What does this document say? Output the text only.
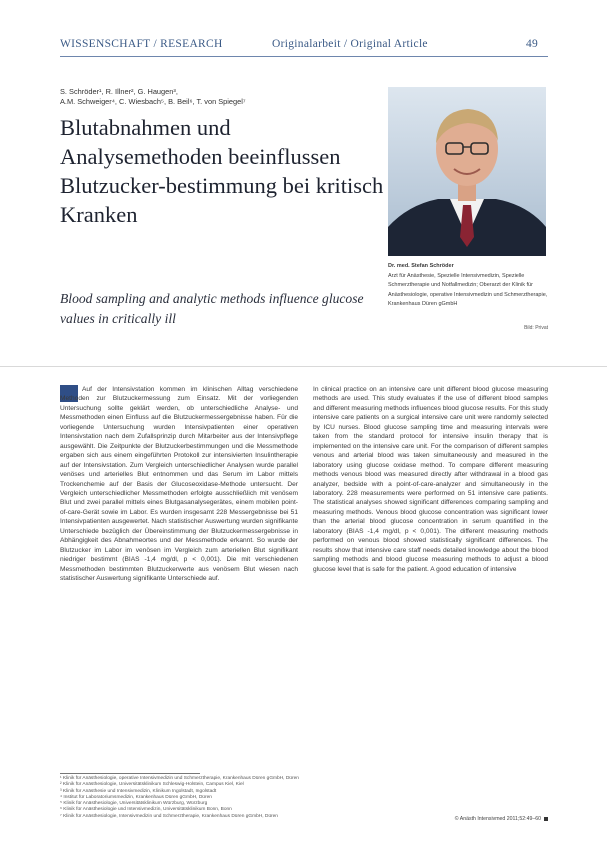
WISSENSCHAFT / RESEARCH	Originalarbeit / Original Article	49
S. Schröder¹, R. Illner², G. Haugen³,
A.M. Schweiger⁴, C. Wiesbach⁵, B. Beil⁶, T. von Spiegel⁷
Blutabnahmen und Analysemethoden beeinflussen Blutzucker-bestimmung bei kritisch Kranken
Blood sampling and analytic methods influence glucose values in critically ill
Dr. med. Stefan Schröder
Arzt für Anästhesie, Spezielle Intensivmedizin, Spezielle Schmerztherapie und Notfallmedizin; Oberarzt der Klinik für Anästhesiologie, operative Intensivmedizin und Schmerztherapie, Krankenhaus Düren gGmbH
Bild: Privat
Auf der Intensivstation kommen im klinischen Alltag verschiedene Methoden zur Blutzuckermessung zum Einsatz. Mit der vorliegenden Untersuchung sollte geklärt werden, ob unterschiedliche Analyse- und Messmethoden einen Einfluss auf die Blutzuckermessergebnisse haben. Für die vorliegende Untersuchung wurden Intensivpatienten einer operativen Intensivstation nach dem Zufallsprinzip durch Mitarbeiter aus der Intensivpflege ausgewählt. Die Zeitpunkte der Blutzuckerbestimmungen und die Messmethode ergaben sich aus einem eingeführten Protokoll zur intensivierten Insulintherapie auf der Intensivstation. Zum Vergleich unterschiedlicher Analysen wurde parallel venöses und arterielles Blut entnommen und das Serum im Labor mittels Trockenchemie auf der Basis der Glucoseoxidase-Methode untersucht. Der Vergleich unterschiedlicher Messmethoden erfolgte ausschließlich mit venösem Blut und zwei parallel mittels eines Blutgasanalysegerätes, einem mobilen point-of-care-Gerät sowie im Labor. Es wurden insgesamt 228 Messergebnisse bei 51 Intensivpatienten ausgewertet. Nach statistischer Auswertung wurden signifikante Unterschiede bezüglich der Übereinstimmung der Blutzuckermessergebnisse in Abhängigkeit des Abnahmeortes und der Messmethode erkannt. So wurde der Blutzucker im Labor im venösen im Vergleich zum arteriellen Blut signifikant niedriger bestimmt (BIAS -1,4 mg/dl, p < 0,001). Die mit verschiedenen Messmethoden bestimmten Blutzuckerwerte aus venösem Blut wiesen nach statistischer Auswertung signifikante Unterschiede auf.
In clinical practice on an intensive care unit different blood glucose measuring methods are used. This study evaluates if the use of different blood samples and different measuring methods influences blood glucose results. For this study intensive care patients on a surgical intensive care unit were randomly selected by ICU nurses. Blood glucose sampling time and measuring intervals were taken from the standard protocol for intensive insulin therapy that is implemented on the intensive care unit. For the comparison of different samples venous and arterial blood was taken simultaneously and measured in the laboratory using glucose oxidase method. To compare different measuring methods venous blood was measured directly after withdrawal in a blood gas analyzer, bedside with a point-of-care-analyzer and simultaneously in the laboratory. 228 measurements were performed on 51 intensive care patients. The statistical analyses showed significant differences comparing sampling and measuring methods. Venous blood glucose concentration was significant lower than the arterial blood glucose concentration in serum quantified in the laboratory (BIAS -1,4 mg/dl, p < 0,001). The different measuring methods performed on venous blood showed statistically significant differences. The results show that intensive care staff needs detailed knowledge about the blood sampling methods and blood glucose measuring methods to adjust a blood glucose level that is safe for the patient. A good education of intensive
¹ Klinik für Anästhesiologie, operative Intensivmedizin und Schmerztherapie, Krankenhaus Düren gGmbH, Düren
² Klinik für Anästhesiologie, Universitätsklinikum Schleswig-Holstein, Campus Kiel, Kiel
³ Klinik für Anästhesie und Intensivmedizin, Klinikum Ingolstadt, Ingolstadt
⁴ Institut für Laboratoriumsmedizin, Krankenhaus Düren gGmbH, Düren
⁵ Klinik für Anästhesiologie, Universitätsklinikum Würzburg, Würzburg
⁶ Klinik für Anästhesiologie und Intensivmedizin, Universitätsklinikum Bonn, Bonn
⁷ Klinik für Anästhesiologie, Intensivmedizin und Schmerztherapie, Krankenhaus Düren gGmbH, Düren	© Anästh Intensivmed 2011;52:49–60
